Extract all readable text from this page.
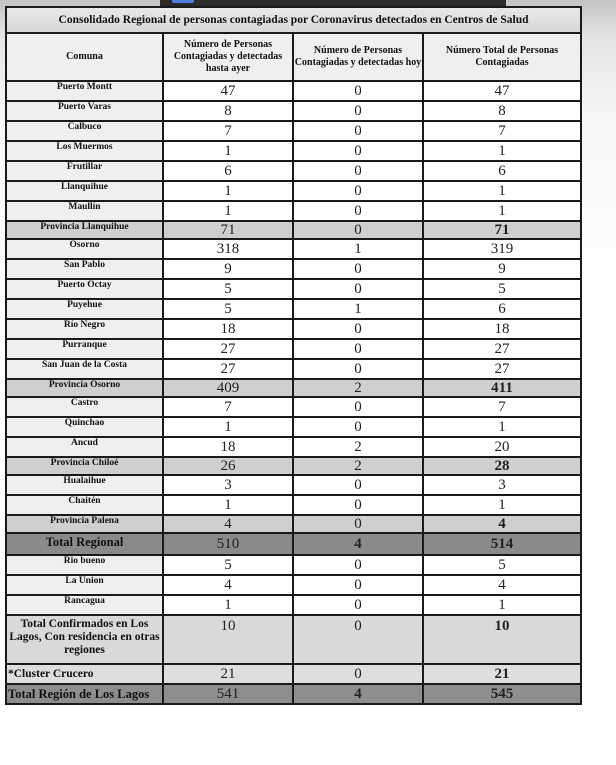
Consolidado Regional de personas contagiadas por Coronavirus detectados en Centros de Salud			
Comuna	Número de Personas Contagiadas y detectadas hasta ayer	Número de Personas Contagiadas y detectadas hoy	Número Total de Personas Contagiadas
Puerto Montt	47	0	47
Puerto Varas	8	0	8
Calbuco	7	0	7
Los Muermos	1	0	1
Frutillar	6	0	6
Llanquihue	1	0	1
Maullín	1	0	1
Provincia Llanquihue	71	0	71
Osorno	318	1	319
San Pablo	9	0	9
Puerto Octay	5	0	5
Puyehue	5	1	6
Río Negro	18	0	18
Purranque	27	0	27
San Juan de la Costa	27	0	27
Provincia Osorno	409	2	411
Castro	7	0	7
Quinchao	1	0	1
Ancud	18	2	20
Provincia Chiloé	26	2	28
Hualaihue	3	0	3
Chaitén	1	0	1
Provincia Palena	4	0	4
Total Regional	510	4	514
Rio bueno	5	0	5
La Union	4	0	4
Rancagua	1	0	1
Total Confirmados en Los Lagos, Con residencia en otras regiones	10	0	10
*Cluster Crucero	21	0	21
Total Región de Los Lagos	541	4	545
